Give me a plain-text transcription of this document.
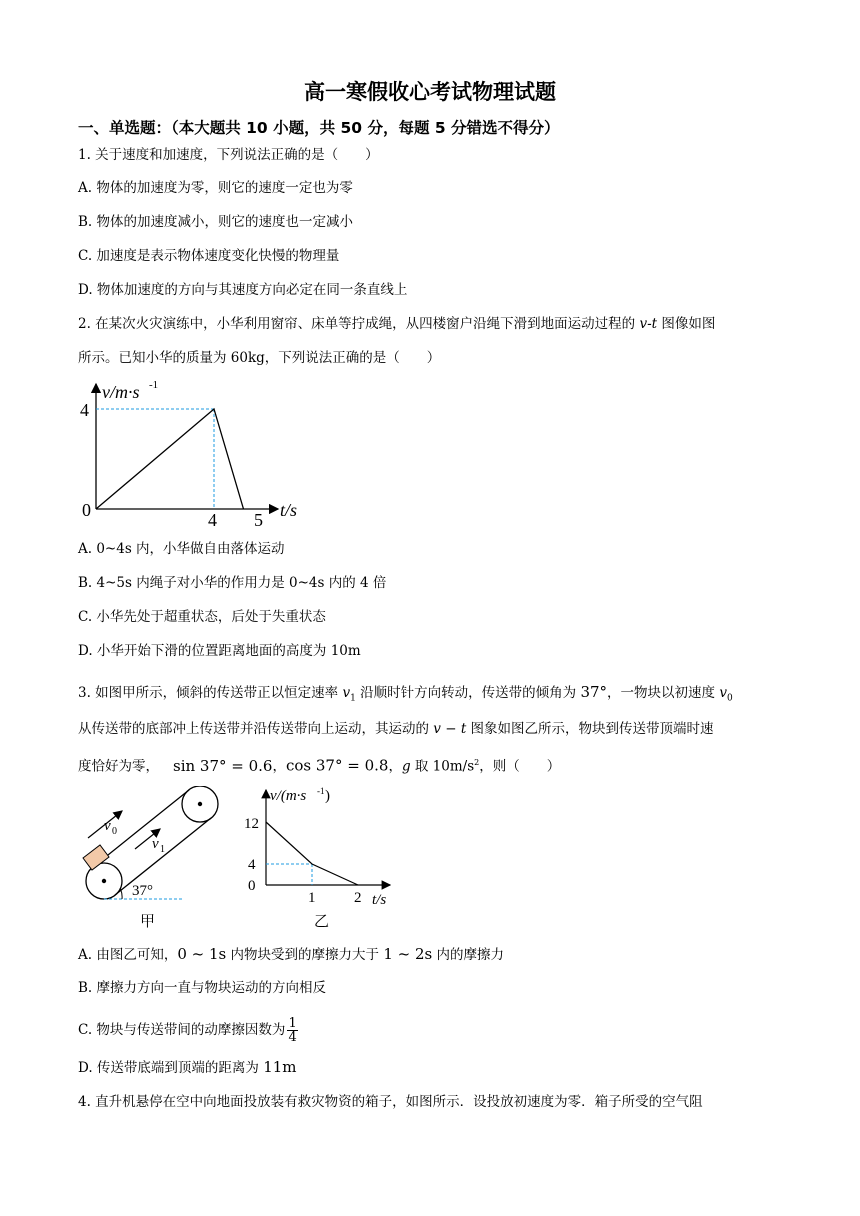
高一寒假收心考试物理试题
一、单选题：（本大题共 10 小题，共 50 分，每题 5 分错选不得分）
1. 关于速度和加速度，下列说法正确的是（　　）
A. 物体的加速度为零，则它的速度一定也为零
B. 物体的加速度减小，则它的速度也一定减小
C. 加速度是表示物体速度变化快慢的物理量
D. 物体加速度的方向与其速度方向必定在同一条直线上
2. 在某次火灾演练中，小华利用窗帘、床单等拧成绳，从四楼窗户沿绳下滑到地面运动过程的 v-t 图像如图
所示。已知小华的质量为 60kg，下列说法正确的是（　　）
v/m·s -1
4
0	4 5 t/s
A. 0~4s 内，小华做自由落体运动
B. 4~5s 内绳子对小华的作用力是 0~4s 内的 4 倍
C. 小华先处于超重状态，后处于失重状态
D. 小华开始下滑的位置距离地面的高度为 10m
3. 如图甲所示，倾斜的传送带正以恒定速率 $v_1$ 沿顺时针方向转动，传送带的倾角为 37°，一物块以初速度 $v_0$
从传送带的底部冲上传送带并沿传送带向上运动，其运动的 v − t 图象如图乙所示，物块到传送带顶端时速
度恰好为零， sin 37° = 0.6，cos 37° = 0.8，g 取 $10m/s^2$，则（　　）
v 0
v 1
37°
甲
v/(m·s -1 )
12
4
0
1	2 t/s
乙
A. 由图乙可知，0 ~ 1s 内物块受到的摩擦力大于 1 ~ 2s 内的摩擦力
B. 摩擦力方向一直与物块运动的方向相反
C. 物块与传送带间的动摩擦因数为 $\frac{1}{4}$
D. 传送带底端到顶端的距离为 11m
4. 直升机悬停在空中向地面投放装有救灾物资的箱子，如图所示．设投放初速度为零．箱子所受的空气阻
